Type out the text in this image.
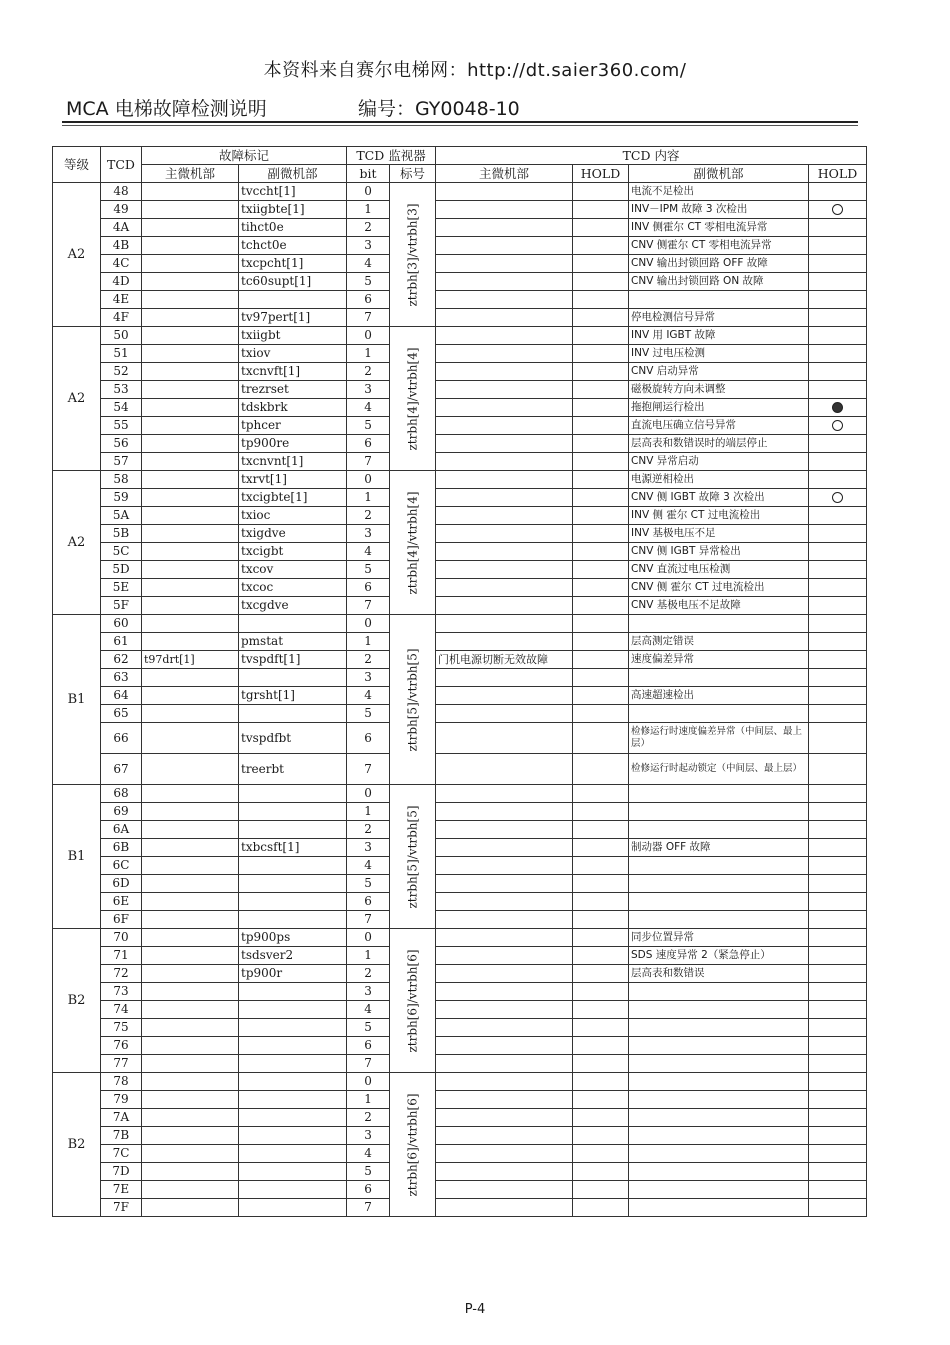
本资料来自赛尔电梯网：http://dt.saier360.com/
MCA 电梯故障检测说明	编号：GY0048-10
等级	TCD	故障标记		TCD 监视器		TCD 内容			
		主微机部	副微机部	bit	标号	主微机部	HOLD	副微机部	HOLD
A2	48		tvccht[1]	0	ztrbh[3]/vtrbh[3]			电流不足检出	
	49		txiigbte[1]	1				INV－IPM 故障 3 次检出	
	4A		tihct0e	2				INV 侧霍尔 CT 零相电流异常	
	4B		tchct0e	3				CNV 侧霍尔 CT 零相电流异常	
	4C		txcpcht[1]	4				CNV 输出封锁回路 OFF 故障	
	4D		tc60supt[1]	5				CNV 输出封锁回路 ON 故障	
	4E			6					
	4F		tv97pert[1]	7				停电检测信号异常	
A2	50		txiigbt	0	ztrbh[4]/vtrbh[4]			INV 用 IGBT 故障	
	51		txiov	1				INV 过电压检测	
	52		txcnvft[1]	2				CNV 启动异常	
	53		trezrset	3				磁极旋转方向未调整	
	54		tdskbrk	4				拖抱闸运行检出	
	55		tphcer	5				直流电压确立信号异常	
	56		tp900re	6				层高表和数错误时的端层停止	
	57		txcnvnt[1]	7				CNV 异常启动	
A2	58		txrvt[1]	0	ztrbh[4]/vtrbh[4]			电源逆相检出	
	59		txcigbte[1]	1				CNV 侧 IGBT 故障 3 次检出	
	5A		txioc	2				INV 侧 霍尔 CT 过电流检出	
	5B		txigdve	3				INV 基极电压不足	
	5C		txcigbt	4				CNV 侧 IGBT 异常检出	
	5D		txcov	5				CNV 直流过电压检测	
	5E		txcoc	6				CNV 侧 霍尔 CT 过电流检出	
	5F		txcgdve	7				CNV 基极电压不足故障	
B1	60			0	ztrbh[5]/vtrbh[5]				

	61		pmstat	1				层高测定错误	
	62	t97drt[1]	tvspdft[1]	2		门机电源切断无效故障		速度偏差异常	
	63			3					
	64		tgrsht[1]	4				高速超速检出	
	65			5					
	66		tvspdfbt	6				检修运行时速度偏差异常（中间层、最上层）	
	67		treerbt	7				检修运行时起动锁定（中间层、最上层）	
B1	68			0	ztrbh[5]/vtrbh[5]				

	69			1					
	6A			2					
	6B		txbcsft[1]	3				制动器 OFF 故障	
	6C			4					
	6D			5					
	6E			6					
	6F			7					
B2	70		tp900ps	0	ztrbh[6]/vtrbh[6]			同步位置异常	
	71		tsdsver2	1				SDS 速度异常 2（紧急停止）	
	72		tp900r	2				层高表和数错误	
	73			3					
	74			4					
	75			5					
	76			6					
	77			7					
B2	78			0	ztrbh[6]/vtrbh[6]				

	79			1					
	7A			2					
	7B			3					
	7C			4					
	7D			5					
	7E			6					
	7F			7					
P-4
